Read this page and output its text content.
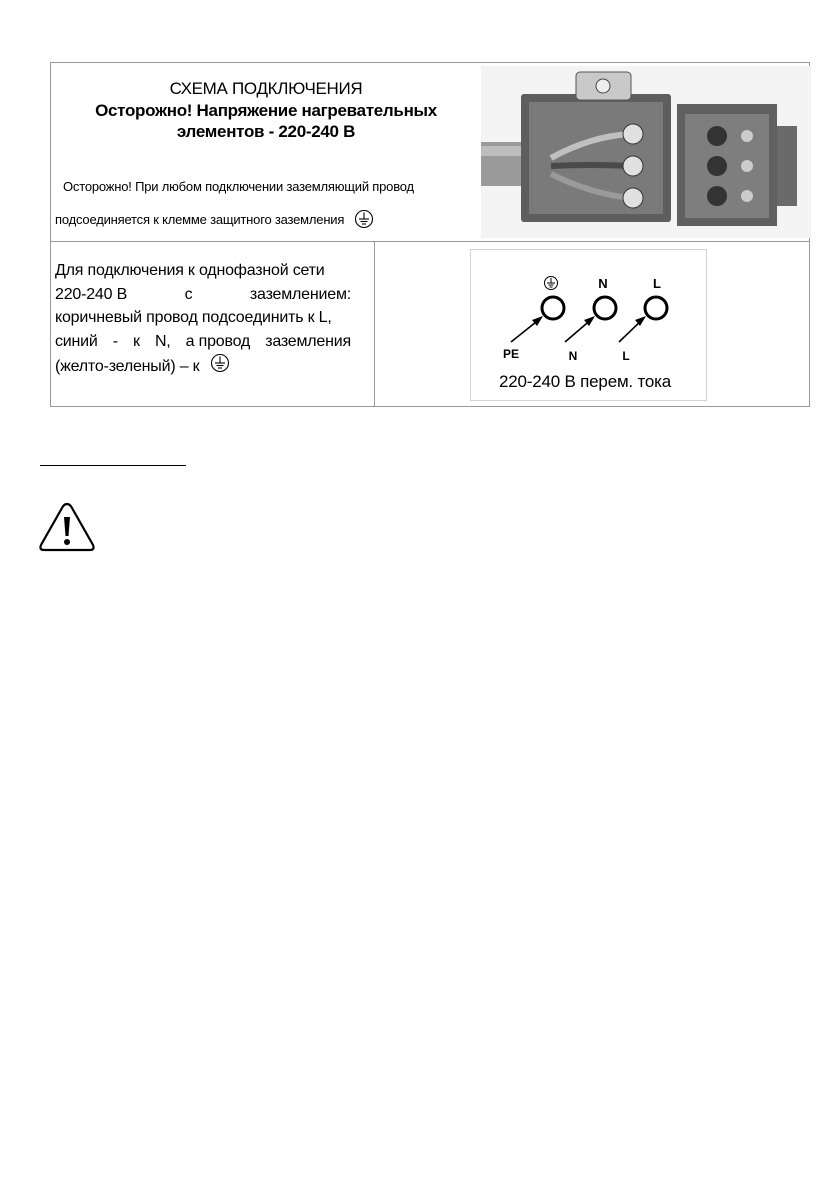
СХЕМА ПОДКЛЮЧЕНИЯ
Осторожно! Напряжение нагревательных
элементов - 220-240 В
Осторожно! При любом подключении заземляющий провод
подсоединяется к клемме защитного заземления
Для подключения к однофазной сети
220-240 В	с	заземлением:
коричневый провод подсоединить к L,
синий - к N, а провод заземления
(желто-зеленый) – к
N	L
PE	N	L
220-240 В перем. тока
